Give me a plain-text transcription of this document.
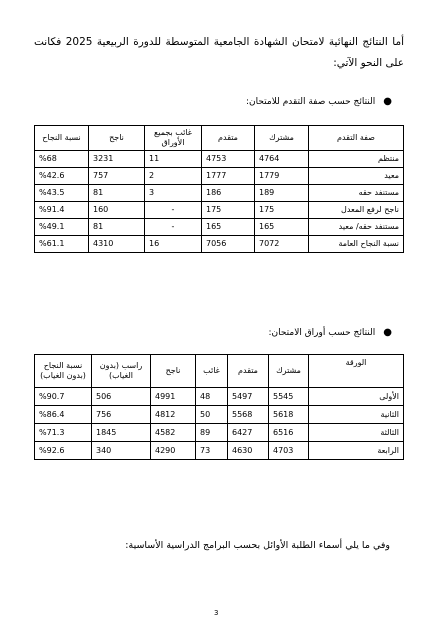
أما النتائج النهائية لامتحان الشهادة الجامعية المتوسطة للدورة الربيعية 2025 فكانت على النحو الآتي:

●
النتائج حسب صفة التقدم للامتحان:
صفة التقدم	مشترك	متقدم	غائب بجميع الأوراق	ناجح	نسبة النجاح
منتظم	4764	4753	11	3231	%68
معيد	1779	1777	2	757	%42.6
مستنفد حقه	189	186	3	81	%43.5
ناجح لرفع المعدل	175	175	-	160	%91.4
مستنفد حقه/ معيد	165	165	-	81	%49.1
نسبة النجاح العامة	7072	7056	16	4310	%61.1
●
النتائج حسب أوراق الامتحان:
الورقة	مشترك	متقدم	غائب	ناجح	راسب (بدون الغياب)	نسبة النجاح (بدون الغياب)
الأولى	5545	5497	48	4991	506	%90.7
الثانية	5618	5568	50	4812	756	%86.4
الثالثة	6516	6427	89	4582	1845	%71.3
الرابعة	4703	4630	73	4290	340	%92.6
وفي ما يلي أسماء الطلبة الأوائل بحسب البرامج الدراسية الأساسية:
3
